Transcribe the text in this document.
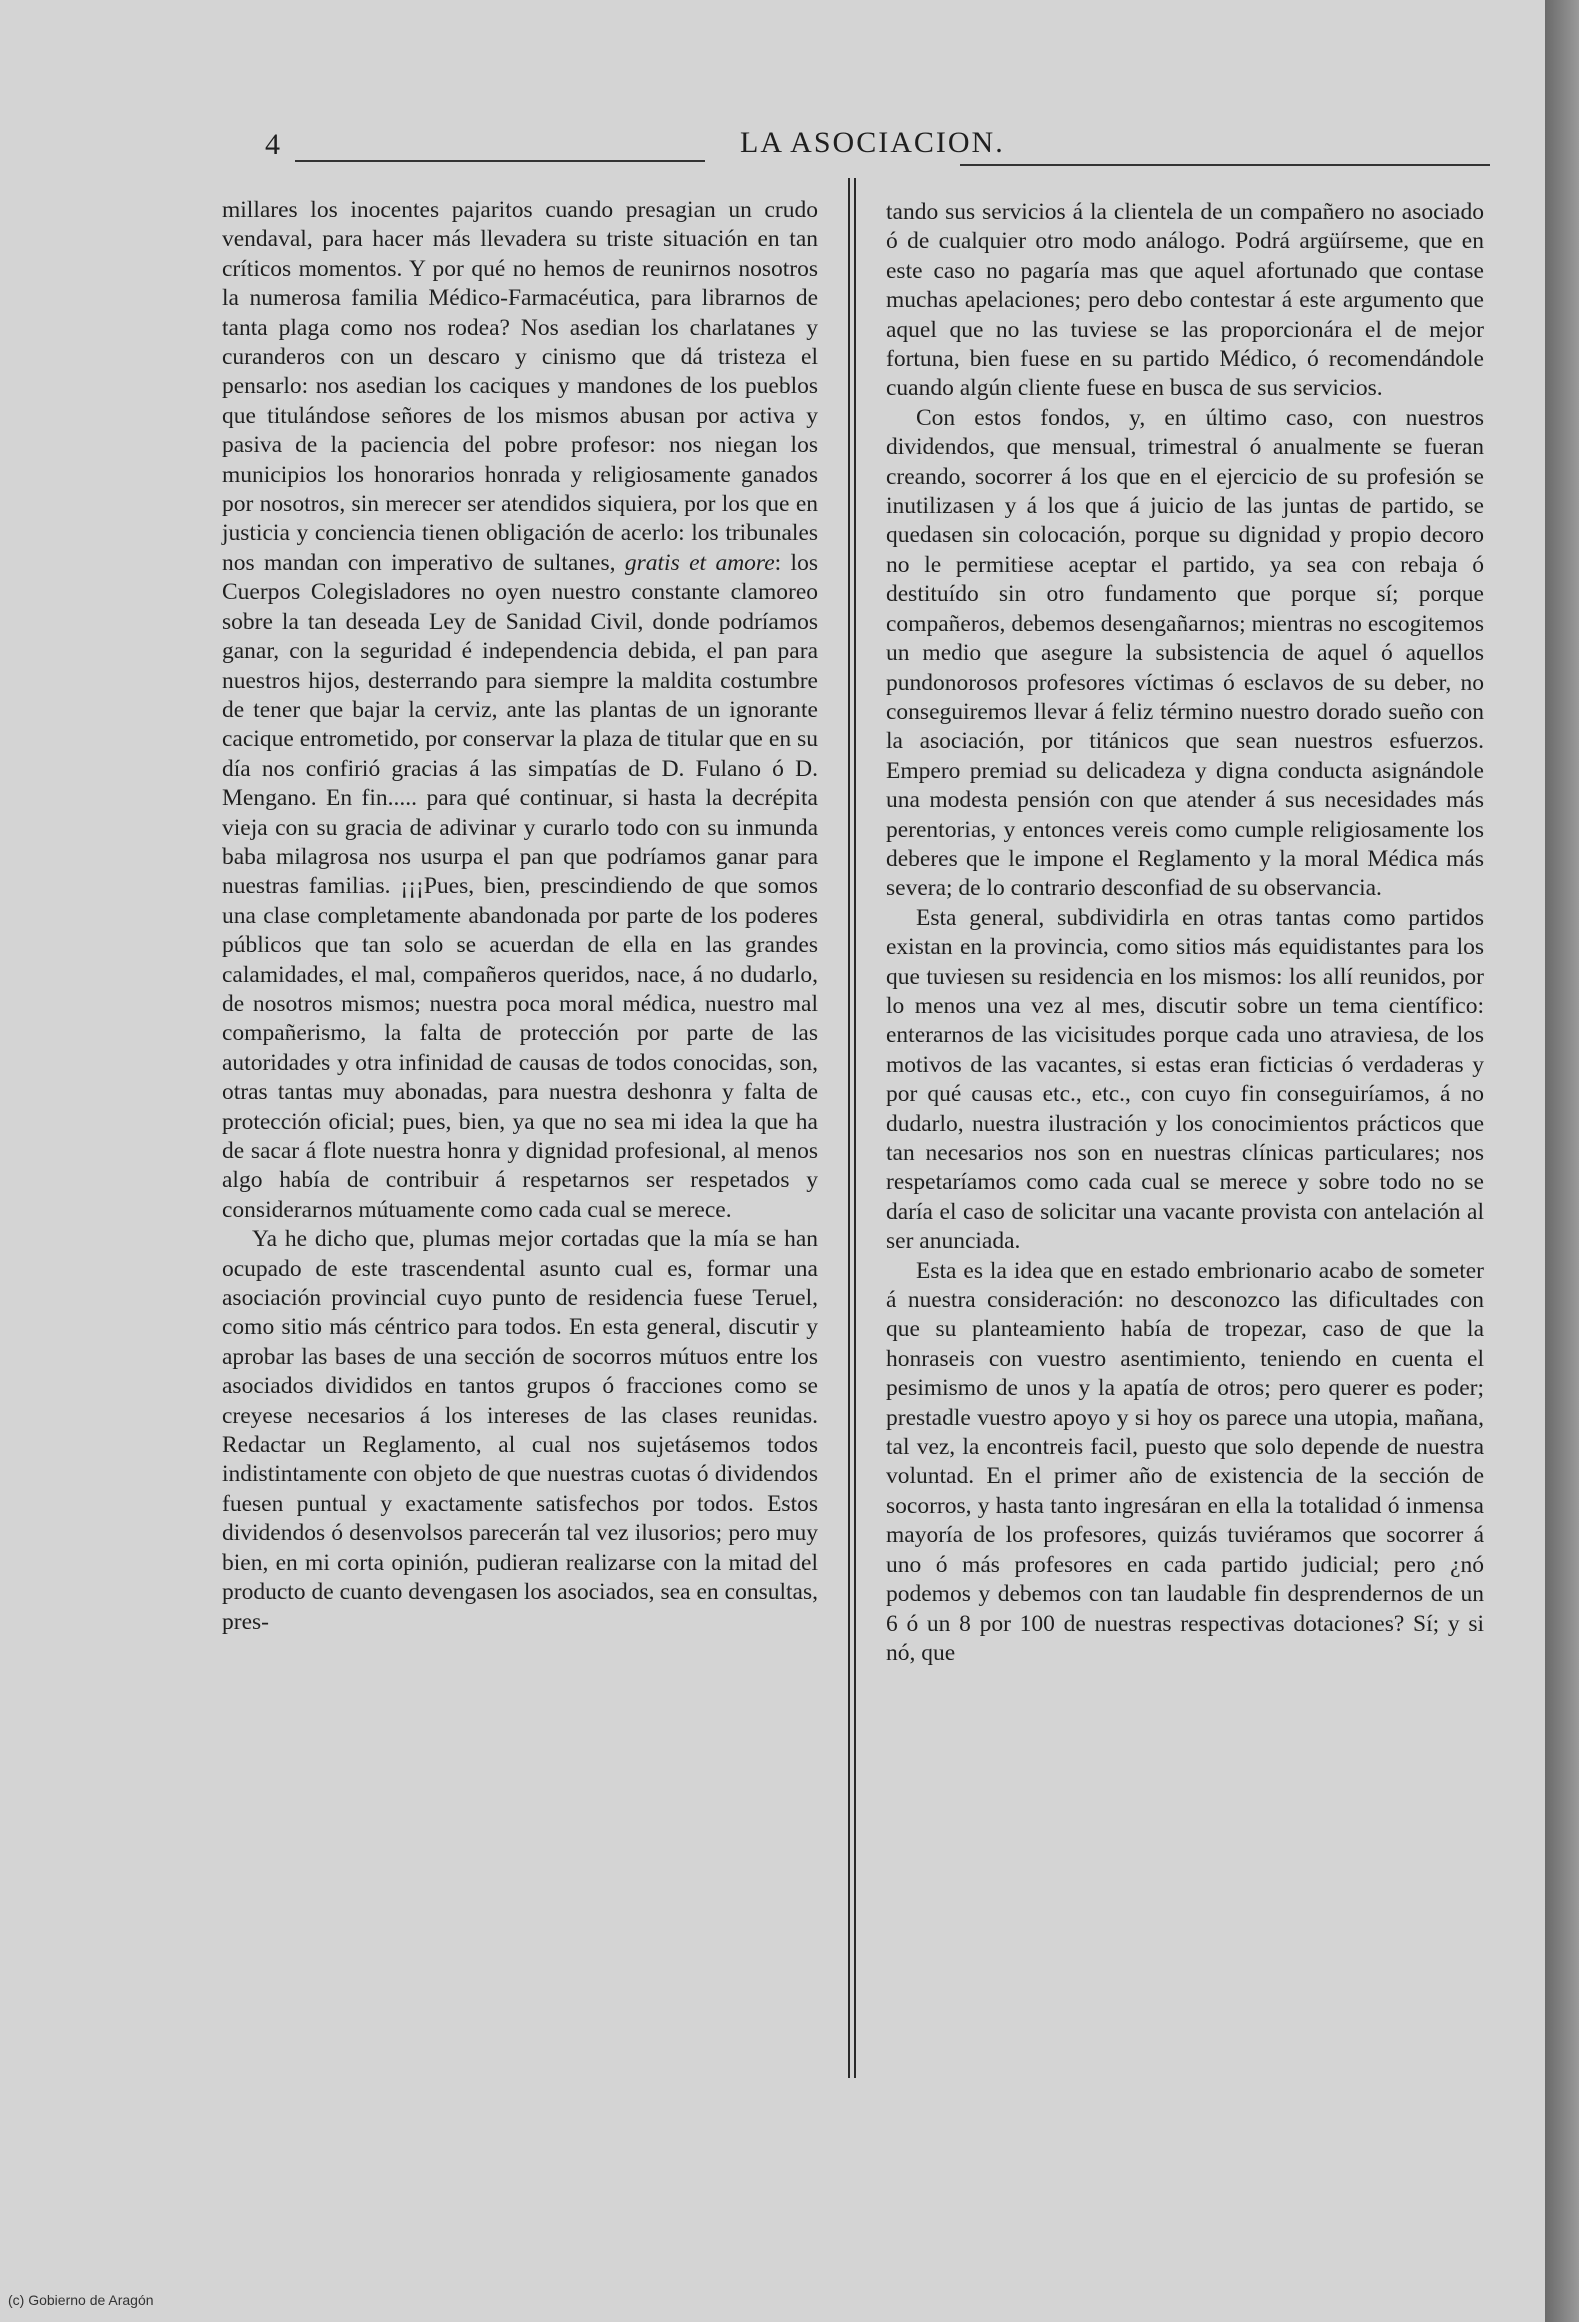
4	LA ASOCIACION.

millares los inocentes pajaritos cuando presagian un crudo vendaval, para hacer más llevadera su triste situación en tan críticos momentos. Y por qué no hemos de reunirnos nosotros la numerosa familia Médico-Farmacéutica, para librarnos de tanta plaga como nos rodea? Nos asedian los charlatanes y curanderos con un descaro y cinismo que dá tristeza el pensarlo: nos asedian los caciques y mandones de los pueblos que titulándose señores de los mismos abusan por activa y pasiva de la paciencia del pobre profesor: nos niegan los municipios los honorarios honrada y religiosamente ganados por nosotros, sin merecer ser atendidos siquiera, por los que en justicia y conciencia tienen obligación de acerlo: los tribunales nos mandan con imperativo de sultanes, gratis et amore: los Cuerpos Colegisladores no oyen nuestro constante clamoreo sobre la tan deseada Ley de Sanidad Civil, donde podríamos ganar, con la seguridad é independencia debida, el pan para nuestros hijos, desterrando para siempre la maldita costumbre de tener que bajar la cerviz, ante las plantas de un ignorante cacique entrometido, por conservar la plaza de titular que en su día nos confirió gracias á las simpatías de D. Fulano ó D. Mengano. En fin..... para qué continuar, si hasta la decrépita vieja con su gracia de adivinar y curarlo todo con su inmunda baba milagrosa nos usurpa el pan que podríamos ganar para nuestras familias. ¡¡¡Pues, bien, prescindiendo de que somos una clase completamente abandonada por parte de los poderes públicos que tan solo se acuerdan de ella en las grandes calamidades, el mal, compañeros queridos, nace, á no dudarlo, de nosotros mismos; nuestra poca moral médica, nuestro mal compañerismo, la falta de protección por parte de las autoridades y otra infinidad de causas de todos conocidas, son, otras tantas muy abonadas, para nuestra deshonra y falta de protección oficial; pues, bien, ya que no sea mi idea la que ha de sacar á flote nuestra honra y dignidad profesional, al menos algo había de contribuir á respetarnos ser respetados y considerarnos mútuamente como cada cual se merece.

Ya he dicho que, plumas mejor cortadas que la mía se han ocupado de este trascendental asunto cual es, formar una asociación provincial cuyo punto de residencia fuese Teruel, como sitio más céntrico para todos. En esta general, discutir y aprobar las bases de una sección de socorros mútuos entre los asociados divididos en tantos grupos ó fracciones como se creyese necesarios á los intereses de las clases reunidas. Redactar un Reglamento, al cual nos sujetásemos todos indistintamente con objeto de que nuestras cuotas ó dividendos fuesen puntual y exactamente satisfechos por todos. Estos dividendos ó desenvolsos parecerán tal vez ilusorios; pero muy bien, en mi corta opinión, pudieran realizarse con la mitad del producto de cuanto devengasen los asociados, sea en consultas, pres-

tando sus servicios á la clientela de un compañero no asociado ó de cualquier otro modo análogo. Podrá argüírseme, que en este caso no pagaría mas que aquel afortunado que contase muchas apelaciones; pero debo contestar á este argumento que aquel que no las tuviese se las proporcionára el de mejor fortuna, bien fuese en su partido Médico, ó recomendándole cuando algún cliente fuese en busca de sus servicios.

Con estos fondos, y, en último caso, con nuestros dividendos, que mensual, trimestral ó anualmente se fueran creando, socorrer á los que en el ejercicio de su profesión se inutilizasen y á los que á juicio de las juntas de partido, se quedasen sin colocación, porque su dignidad y propio decoro no le permitiese aceptar el partido, ya sea con rebaja ó destituído sin otro fundamento que porque sí; porque compañeros, debemos desengañarnos; mientras no escogitemos un medio que asegure la subsistencia de aquel ó aquellos pundonorosos profesores víctimas ó esclavos de su deber, no conseguiremos llevar á feliz término nuestro dorado sueño con la asociación, por titánicos que sean nuestros esfuerzos. Empero premiad su delicadeza y digna conducta asignándole una modesta pensión con que atender á sus necesidades más perentorias, y entonces vereis como cumple religiosamente los deberes que le impone el Reglamento y la moral Médica más severa; de lo contrario desconfiad de su observancia.

Esta general, subdividirla en otras tantas como partidos existan en la provincia, como sitios más equidistantes para los que tuviesen su residencia en los mismos: los allí reunidos, por lo menos una vez al mes, discutir sobre un tema científico: enterarnos de las vicisitudes porque cada uno atraviesa, de los motivos de las vacantes, si estas eran ficticias ó verdaderas y por qué causas etc., etc., con cuyo fin conseguiríamos, á no dudarlo, nuestra ilustración y los conocimientos prácticos que tan necesarios nos son en nuestras clínicas particulares; nos respetaríamos como cada cual se merece y sobre todo no se daría el caso de solicitar una vacante provista con antelación al ser anunciada.

Esta es la idea que en estado embrionario acabo de someter á nuestra consideración: no desconozco las dificultades con que su planteamiento había de tropezar, caso de que la honraseis con vuestro asentimiento, teniendo en cuenta el pesimismo de unos y la apatía de otros; pero querer es poder; prestadle vuestro apoyo y si hoy os parece una utopia, mañana, tal vez, la encontreis facil, puesto que solo depende de nuestra voluntad. En el primer año de existencia de la sección de socorros, y hasta tanto ingresáran en ella la totalidad ó inmensa mayoría de los profesores, quizás tuviéramos que socorrer á uno ó más profesores en cada partido judicial; pero ¿nó podemos y debemos con tan laudable fin desprendernos de un 6 ó un 8 por 100 de nuestras respectivas dotaciones? Sí; y si nó, que

(c) Gobierno de Aragón
